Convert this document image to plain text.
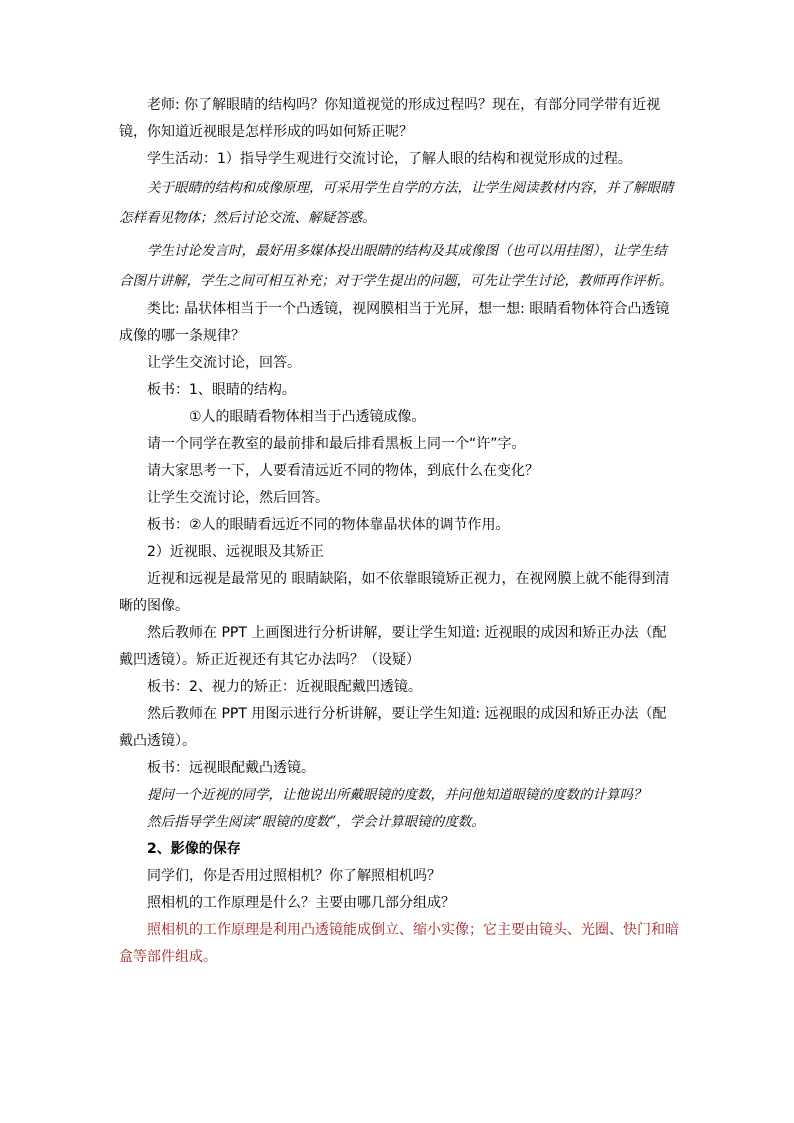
老师: 你了解眼睛的结构吗？你知道视觉的形成过程吗？现在，有部分同学带有近视镜，你知道近视眼是怎样形成的吗如何矫正呢？

学生活动：1）指导学生观进行交流讨论，了解人眼的结构和视觉形成的过程。

关于眼睛的结构和成像原理，可采用学生自学的方法，让学生阅读教材内容，并了解眼睛怎样看见物体；然后讨论交流、解疑答惑。

学生讨论发言时，最好用多媒体投出眼睛的结构及其成像图（也可以用挂图），让学生结合图片讲解，学生之间可相互补充；对于学生提出的问题，可先让学生讨论，教师再作评析。

类比: 晶状体相当于一个凸透镜，视网膜相当于光屏，想一想: 眼睛看物体符合凸透镜成像的哪一条规律？

让学生交流讨论，回答。

板书：1、眼睛的结构。

①人的眼睛看物体相当于凸透镜成像。

请一个同学在教室的最前排和最后排看黑板上同一个“许”字。

请大家思考一下，人要看清远近不同的物体，到底什么在变化？

让学生交流讨论，然后回答。

板书：②人的眼睛看远近不同的物体靠晶状体的调节作用。

2）近视眼、远视眼及其矫正

近视和远视是最常见的 眼睛缺陷，如不依靠眼镜矫正视力，在视网膜上就不能得到清晰的图像。

然后教师在 PPT 上画图进行分析讲解，要让学生知道: 近视眼的成因和矫正办法（配戴凹透镜）。矫正近视还有其它办法吗？（设疑）

板书：2、视力的矫正：近视眼配戴凹透镜。

然后教师在 PPT 用图示进行分析讲解，要让学生知道: 远视眼的成因和矫正办法（配戴凸透镜）。

板书：远视眼配戴凸透镜。

提问一个近视的同学，让他说出所戴眼镜的度数，并问他知道眼镜的度数的计算吗？

然后指导学生阅读“眼镜的度数”，学会计算眼镜的度数。

2、影像的保存

同学们，你是否用过照相机？你了解照相机吗？

照相机的工作原理是什么？主要由哪几部分组成？

照相机的工作原理是利用凸透镜能成倒立、缩小实像；它主要由镜头、光圈、快门和暗盒等部件组成。
